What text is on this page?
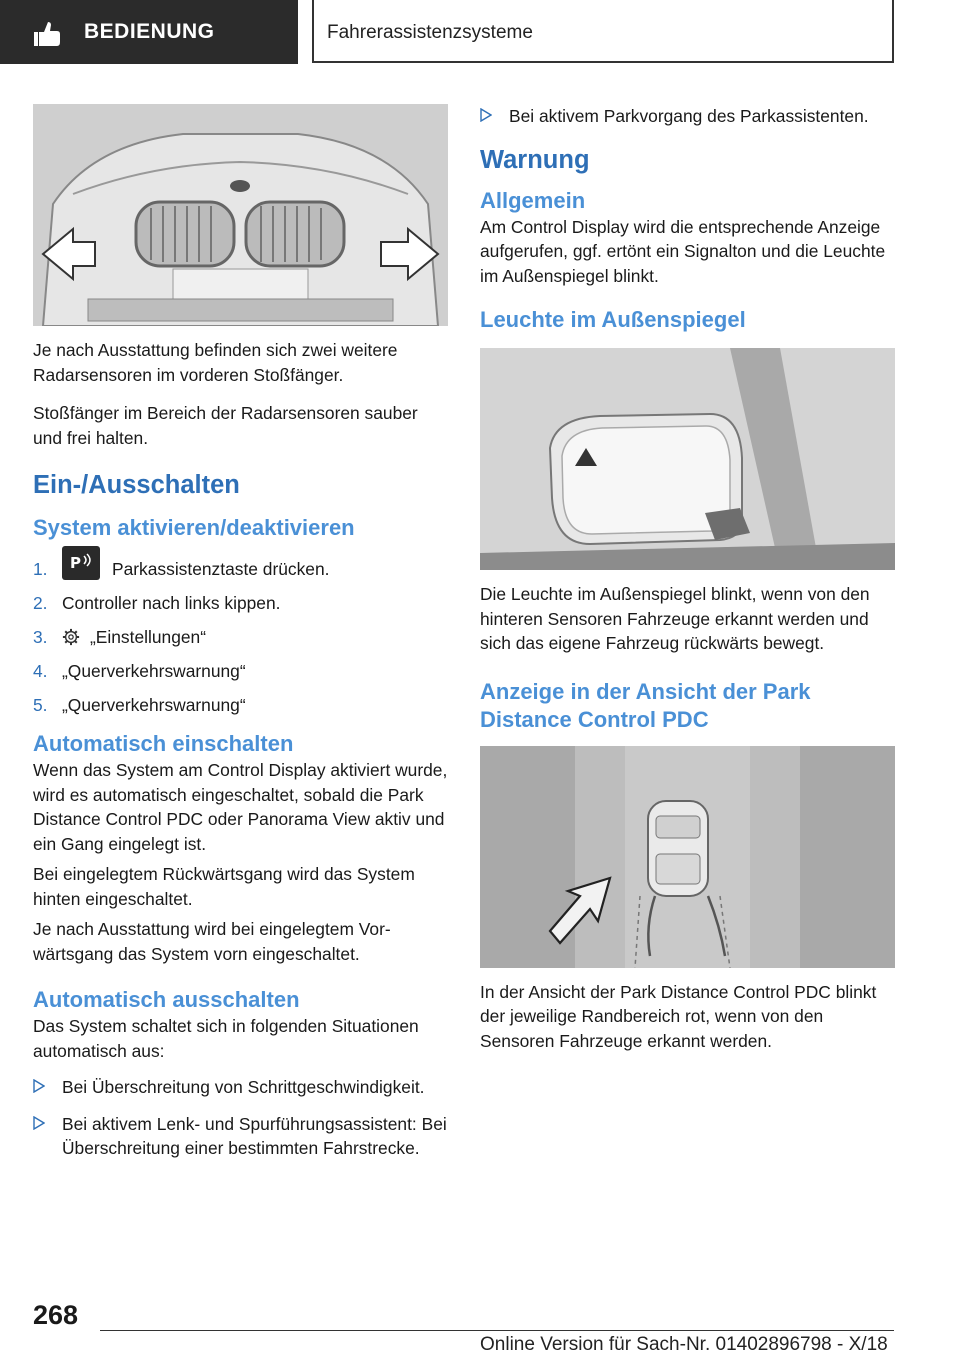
BEDIENUNG	Fahrerassistenzsysteme

Je nach Ausstattung befinden sich zwei weitere Radarsensoren im vorderen Stoßfänger.

Stoßfänger im Bereich der Radarsensoren sauber und frei halten.

Ein-/Ausschalten
System aktivieren/deaktivieren
1. P Parkassistenztaste drücken.
2. Controller nach links kippen.
3. „Einstellungen“
4. „Querverkehrswarnung“
5. „Querverkehrswarnung“
Automatisch einschalten

Wenn das System am Control Display aktiviert wurde, wird es automatisch eingeschaltet, sobald die Park Distance Control PDC oder Panorama View aktiv und ein Gang eingelegt ist.

Bei eingelegtem Rückwärtsgang wird das System hinten eingeschaltet.

Je nach Ausstattung wird bei eingelegtem Vorwärtsgang das System vorn eingeschaltet.

Automatisch ausschalten

Das System schaltet sich in folgenden Situationen automatisch aus:

Bei Überschreitung von Schrittgeschwindigkeit.
Bei aktivem Lenk- und Spurführungsassistent: Bei Überschreitung einer bestimmten Fahrstrecke.
Bei aktivem Parkvorgang des Parkassistenten.
Warnung
Allgemein

Am Control Display wird die entsprechende Anzeige aufgerufen, ggf. ertönt ein Signalton und die Leuchte im Außenspiegel blinkt.

Leuchte im Außenspiegel

Die Leuchte im Außenspiegel blinkt, wenn von den hinteren Sensoren Fahrzeuge erkannt werden und sich das eigene Fahrzeug rückwärts bewegt.

Anzeige in der Ansicht der Park Distance Control PDC

In der Ansicht der Park Distance Control PDC blinkt der jeweilige Randbereich rot, wenn von den Sensoren Fahrzeuge erkannt werden.

268
Online Version für Sach-Nr. 01402896798 - X/18
